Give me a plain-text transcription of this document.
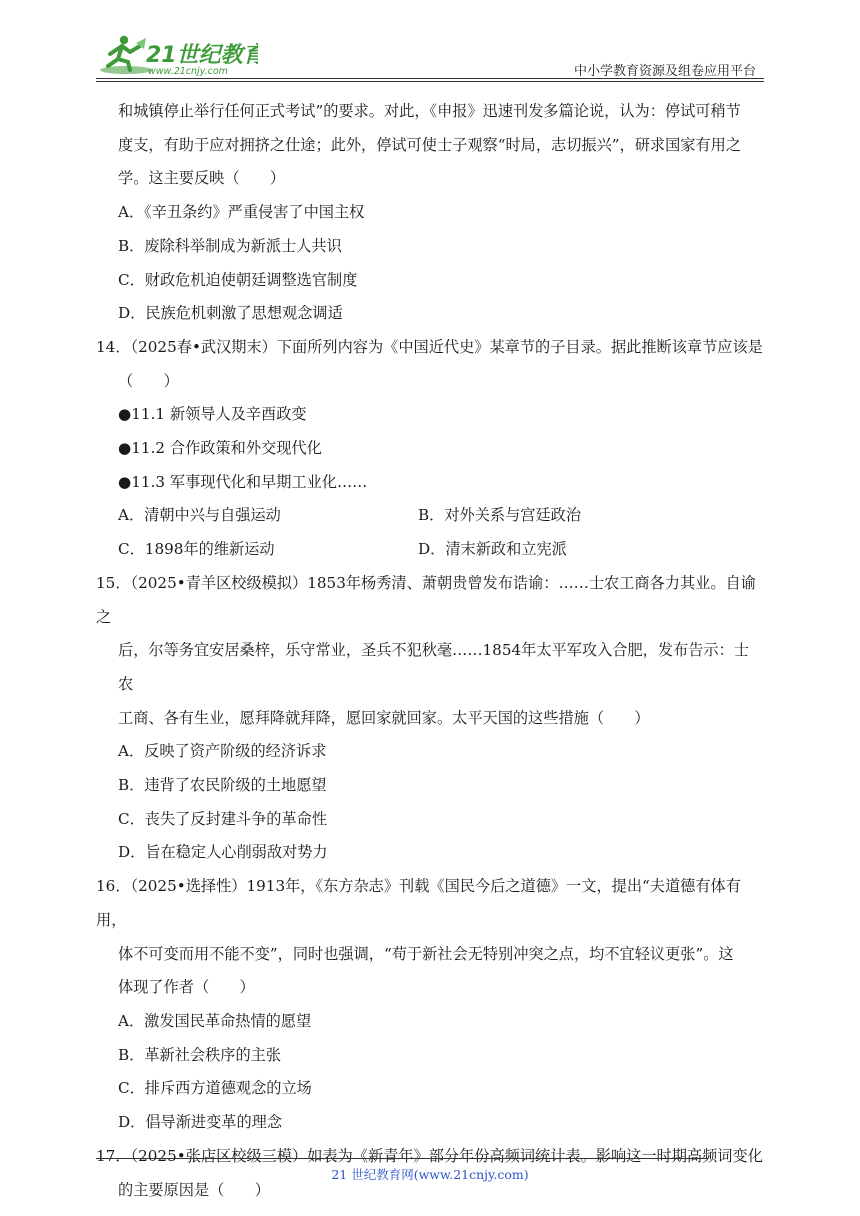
21世纪教育
www.21cnjy.com	中小学教育资源及组卷应用平台

和城镇停止举行任何正式考试”的要求。对此，《申报》迅速刊发多篇论说，认为：停试可稍节

度支，有助于应对拥挤之仕途；此外，停试可使士子观察“时局，志切振兴”，研求国家有用之

学。这主要反映（　　）

A．《辛丑条约》严重侵害了中国主权

B．废除科举制成为新派士人共识

C．财政危机迫使朝廷调整选官制度

D．民族危机刺激了思想观念调适

14．（2025春•武汉期末）下面所列内容为《中国近代史》某章节的子目录。据此推断该章节应该是

（　　）

●11.1 新领导人及辛酉政变

●11.2 合作政策和外交现代化

●11.3 军事现代化和早期工业化……

A．清朝中兴与自强运动	B．对外关系与宫廷政治
C．1898年的维新运动	D．清末新政和立宪派

15．（2025•青羊区校级模拟）1853年杨秀清、萧朝贵曾发布诰谕：……士农工商各力其业。自谕之

后，尔等务宜安居桑梓，乐守常业，圣兵不犯秋毫……1854年太平军攻入合肥，发布告示：士农

工商、各有生业，愿拜降就拜降，愿回家就回家。太平天国的这些措施（　　）

A．反映了资产阶级的经济诉求

B．违背了农民阶级的土地愿望

C．丧失了反封建斗争的革命性

D．旨在稳定人心削弱敌对势力

16．（2025•选择性）1913年，《东方杂志》刊载《国民今后之道德》一文，提出“夫道德有体有用，

体不可变而用不能不变”，同时也强调，“苟于新社会无特别冲突之点，均不宜轻议更张”。这

体现了作者（　　）

A．激发国民革命热情的愿望

B．革新社会秩序的主张

C．排斥西方道德观念的立场

D．倡导渐进变革的理念

17．（2025•张店区校级三模）如表为《新青年》部分年份高频词统计表。影响这一时期高频词变化

的主要原因是（　　）

21 世纪教育网(www.21cnjy.com)
